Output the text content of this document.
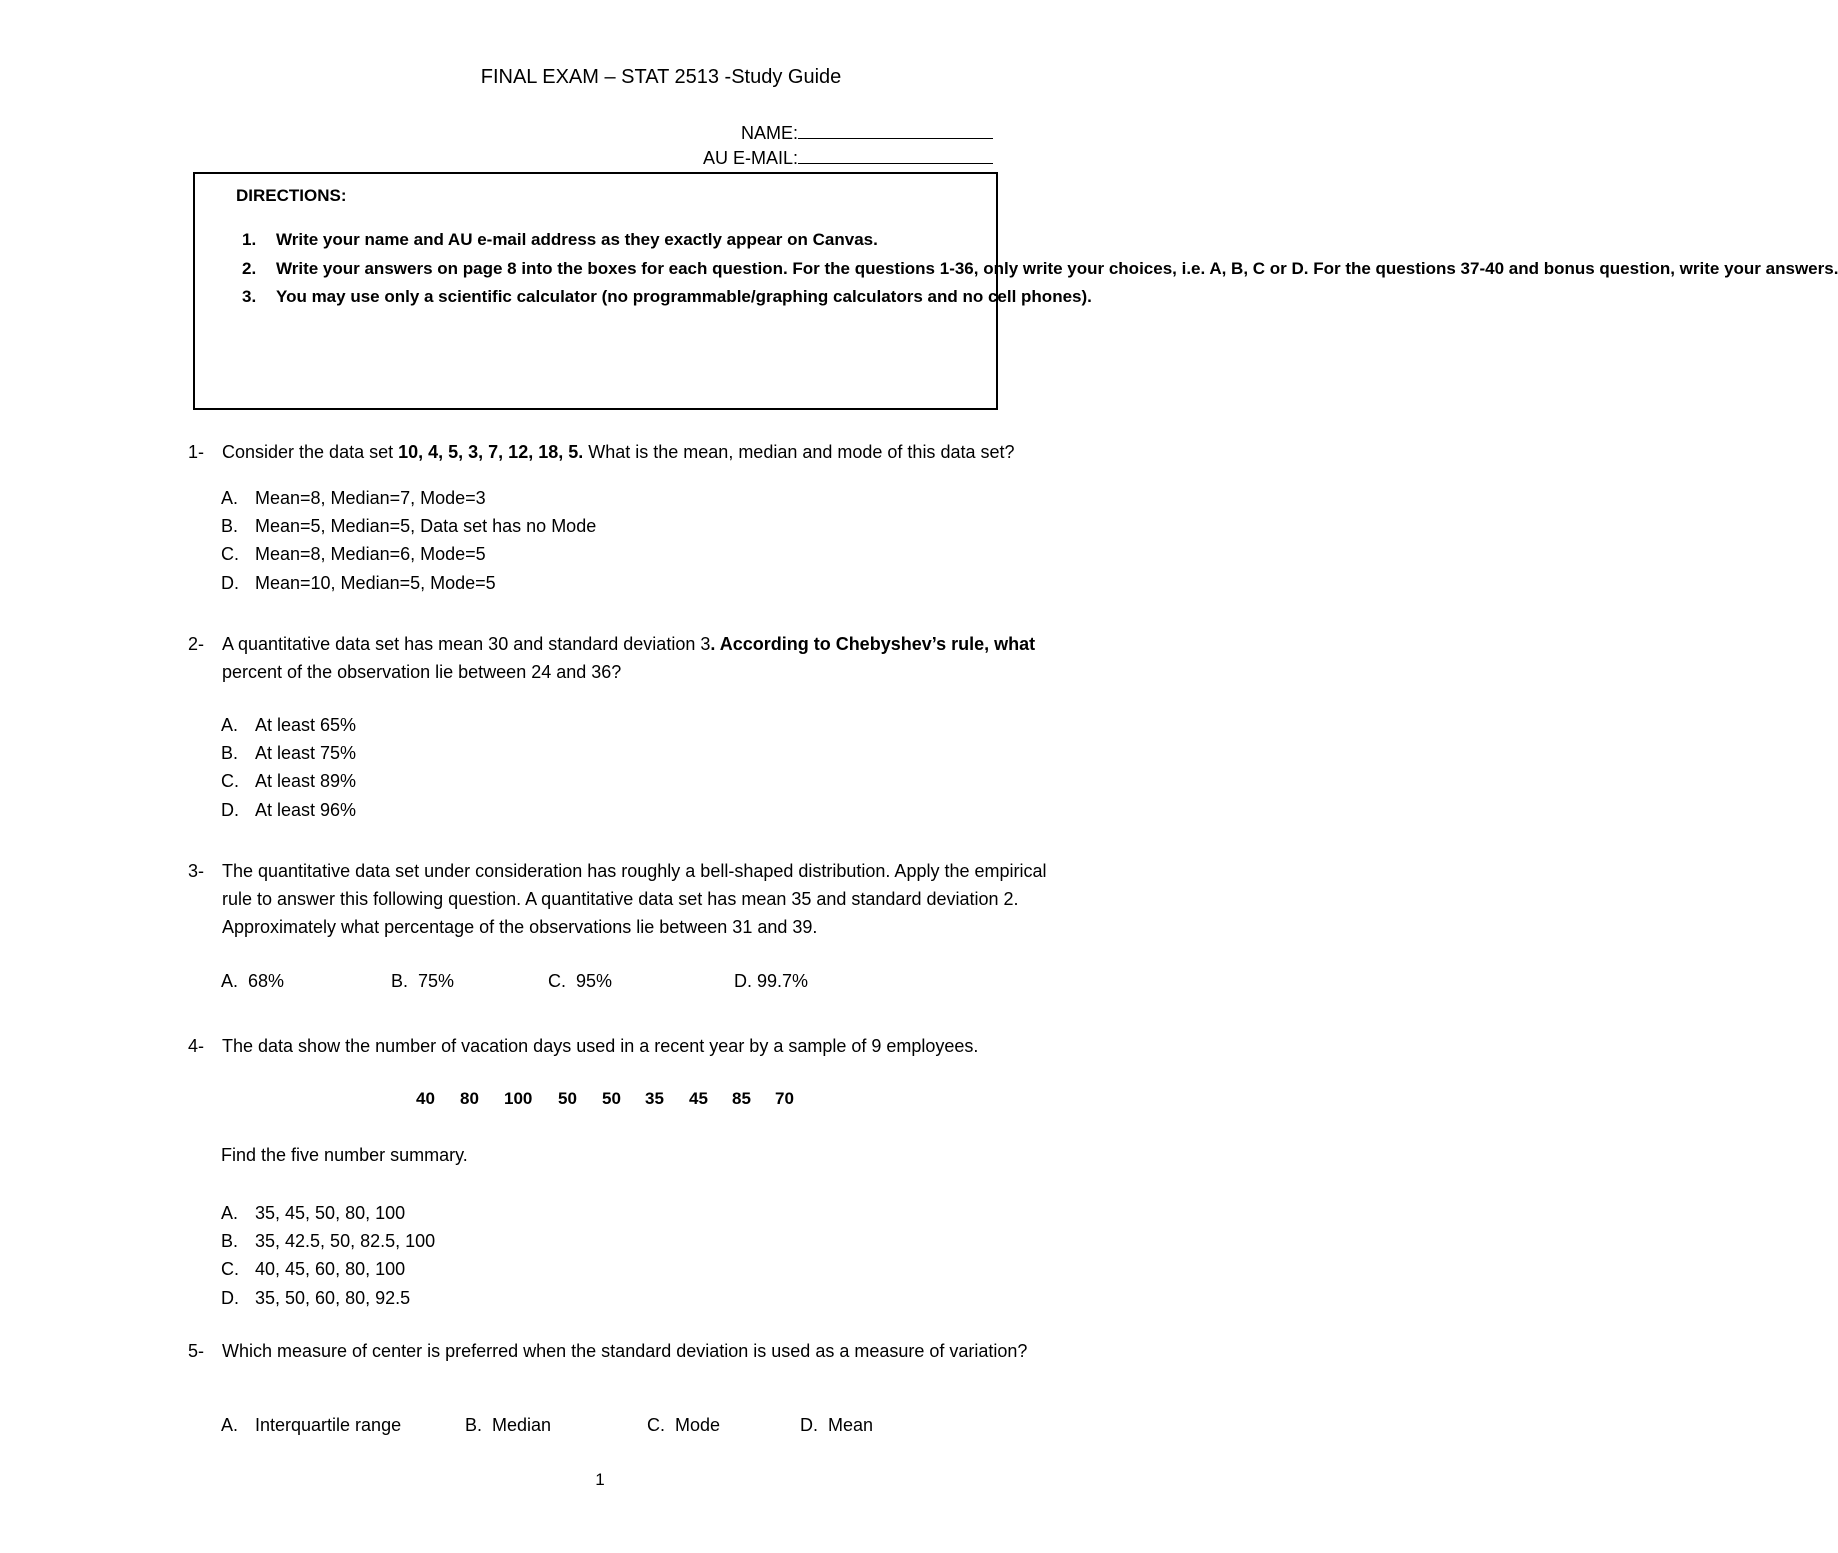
FINAL EXAM – STAT 2513 -Study Guide
NAME:
AU E-MAIL:
DIRECTIONS:
1. Write your name and AU e-mail address as they exactly appear on Canvas.
2. Write your answers on page 8 into the boxes for each question. For the questions 1-36, only write your choices, i.e. A, B, C or D. For the questions 37-40 and bonus question, write your answers.
3. You may use only a scientific calculator (no programmable/graphing calculators and no cell phones).
1- Consider the data set 10, 4, 5, 3, 7, 12, 18, 5. What is the mean, median and mode of this data set?
A. Mean=8, Median=7, Mode=3
B. Mean=5, Median=5, Data set has no Mode
C. Mean=8, Median=6, Mode=5
D. Mean=10, Median=5, Mode=5
2- A quantitative data set has mean 30 and standard deviation 3. According to Chebyshev’s rule, what percent of the observation lie between 24 and 36?
A. At least 65%
B. At least 75%
C. At least 89%
D. At least 96%
3- The quantitative data set under consideration has roughly a bell-shaped distribution. Apply the empirical rule to answer this following question. A quantitative data set has mean 35 and standard deviation 2. Approximately what percentage of the observations lie between 31 and 39.
A. 68%	B. 75%	C. 95%	D. 99.7%
4- The data show the number of vacation days used in a recent year by a sample of 9 employees.
40 80 100 50 50 35 45 85 70
Find the five number summary.
A. 35, 45, 50, 80, 100
B. 35, 42.5, 50, 82.5, 100
C. 40, 45, 60, 80, 100
D. 35, 50, 60, 80, 92.5
5- Which measure of center is preferred when the standard deviation is used as a measure of variation?
A. Interquartile range	B. Median	C. Mode	D. Mean
1
